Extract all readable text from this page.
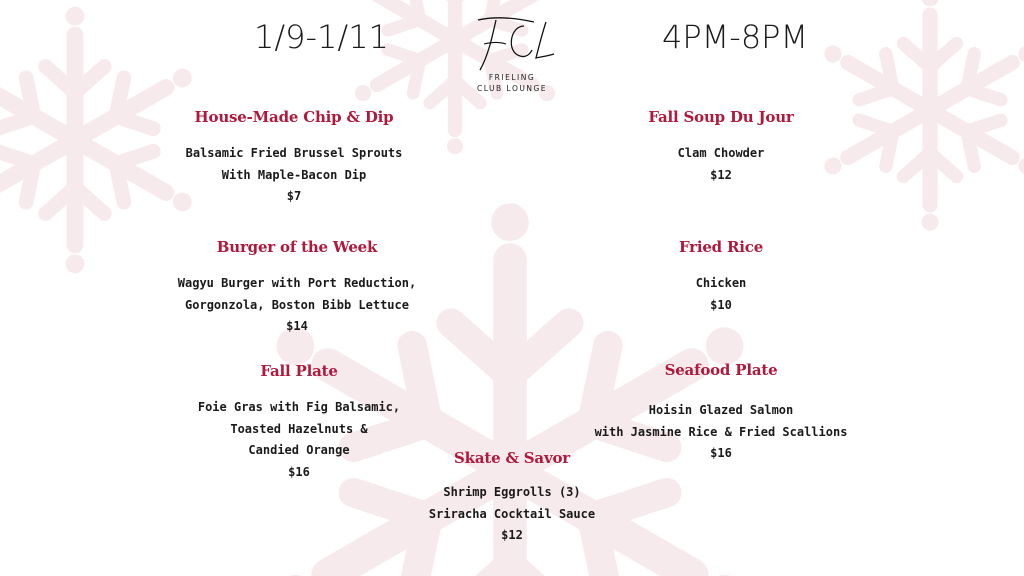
1/9-1/11	4PM-8PM
FRIELING
CLUB LOUNGE
House-Made Chip & Dip
Balsamic Fried Brussel Sprouts
With Maple-Bacon Dip
$7
Fall Soup Du Jour
Clam Chowder
$12
Burger of the Week
Wagyu Burger with Port Reduction,
Gorgonzola, Boston Bibb Lettuce
$14
Fried Rice
Chicken
$10
Fall Plate
Foie Gras with Fig Balsamic,
Toasted Hazelnuts &
Candied Orange
$16
Seafood Plate
Hoisin Glazed Salmon
with Jasmine Rice & Fried Scallions
$16
Skate & Savor
Shrimp Eggrolls (3)
Sriracha Cocktail Sauce
$12
